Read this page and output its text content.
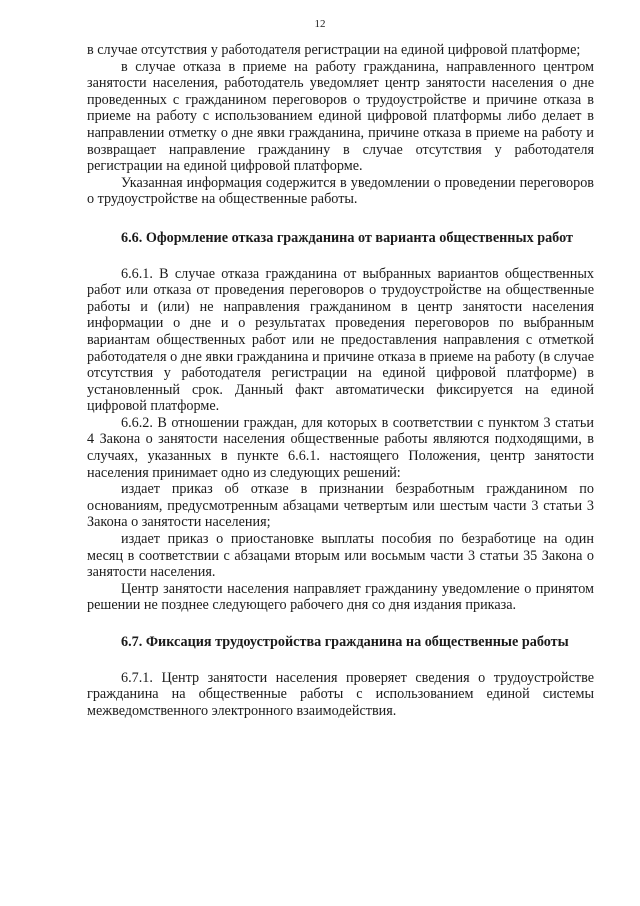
12

в случае отсутствия у работодателя регистрации на единой цифровой платформе;

в случае отказа в приеме на работу гражданина, направленного центром занятости населения, работодатель уведомляет центр занятости населения о дне проведенных с гражданином переговоров о трудоустройстве и причине отказа в приеме на работу с использованием единой цифровой платформы либо делает в направлении отметку о дне явки гражданина, причине отказа в приеме на работу и возвращает направление гражданину в случае отсутствия у работодателя регистрации на единой цифровой платформе.

Указанная информация содержится в уведомлении о проведении переговоров о трудоустройстве на общественные работы.

6.6. Оформление отказа гражданина от варианта общественных работ

6.6.1. В случае отказа гражданина от выбранных вариантов общественных работ или отказа от проведения переговоров о трудоустройстве на общественные работы и (или) не направления гражданином в центр занятости населения информации о дне и о результатах проведения переговоров по выбранным вариантам общественных работ или не предоставления направления с отметкой работодателя о дне явки гражданина и причине отказа в приеме на работу (в случае отсутствия у работодателя регистрации на единой цифровой платформе) в установленный срок. Данный факт автоматически фиксируется на единой цифровой платформе.

6.6.2. В отношении граждан, для которых в соответствии с пунктом 3 статьи 4 Закона о занятости населения общественные работы являются подходящими, в случаях, указанных в пункте 6.6.1. настоящего Положения, центр занятости населения принимает одно из следующих решений:

издает приказ об отказе в признании безработным гражданином по основаниям, предусмотренным абзацами четвертым или шестым части 3 статьи 3 Закона о занятости населения;

издает приказ о приостановке выплаты пособия по безработице на один месяц в соответствии с абзацами вторым или восьмым части 3 статьи 35 Закона о занятости населения.

Центр занятости населения направляет гражданину уведомление о принятом решении не позднее следующего рабочего дня со дня издания приказа.

6.7. Фиксация трудоустройства гражданина на общественные работы

6.7.1. Центр занятости населения проверяет сведения о трудоустройстве гражданина на общественные работы с использованием единой системы межведомственного электронного взаимодействия.
